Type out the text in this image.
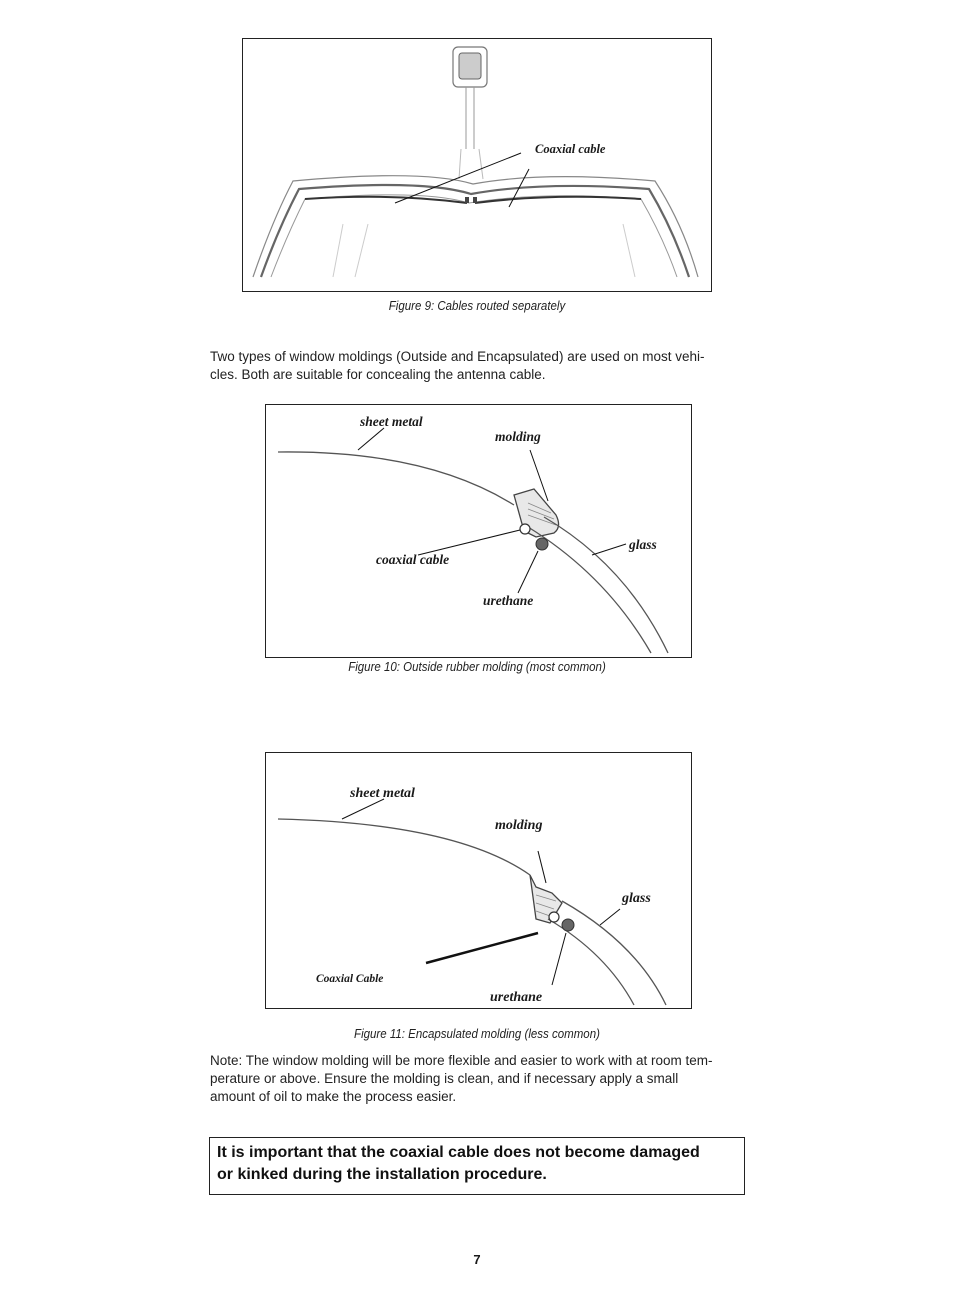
Coaxial cable
Figure 9: Cables routed separately
Two types of window moldings (Outside and Encapsulated) are used on most vehi-
cles. Both are suitable for concealing the antenna cable.
sheet metal
molding
glass
coaxial cable
urethane
Figure 10: Outside rubber molding (most common)
sheet metal
molding
glass
Coaxial Cable
urethane
Figure 11: Encapsulated molding (less common)
Note: The window molding will be more flexible and easier to work with at room tem-
perature or above. Ensure the molding is clean, and if necessary apply a small
amount of oil to make the process easier.
It is important that the coaxial cable does not become damaged
or kinked during the installation procedure.
7
